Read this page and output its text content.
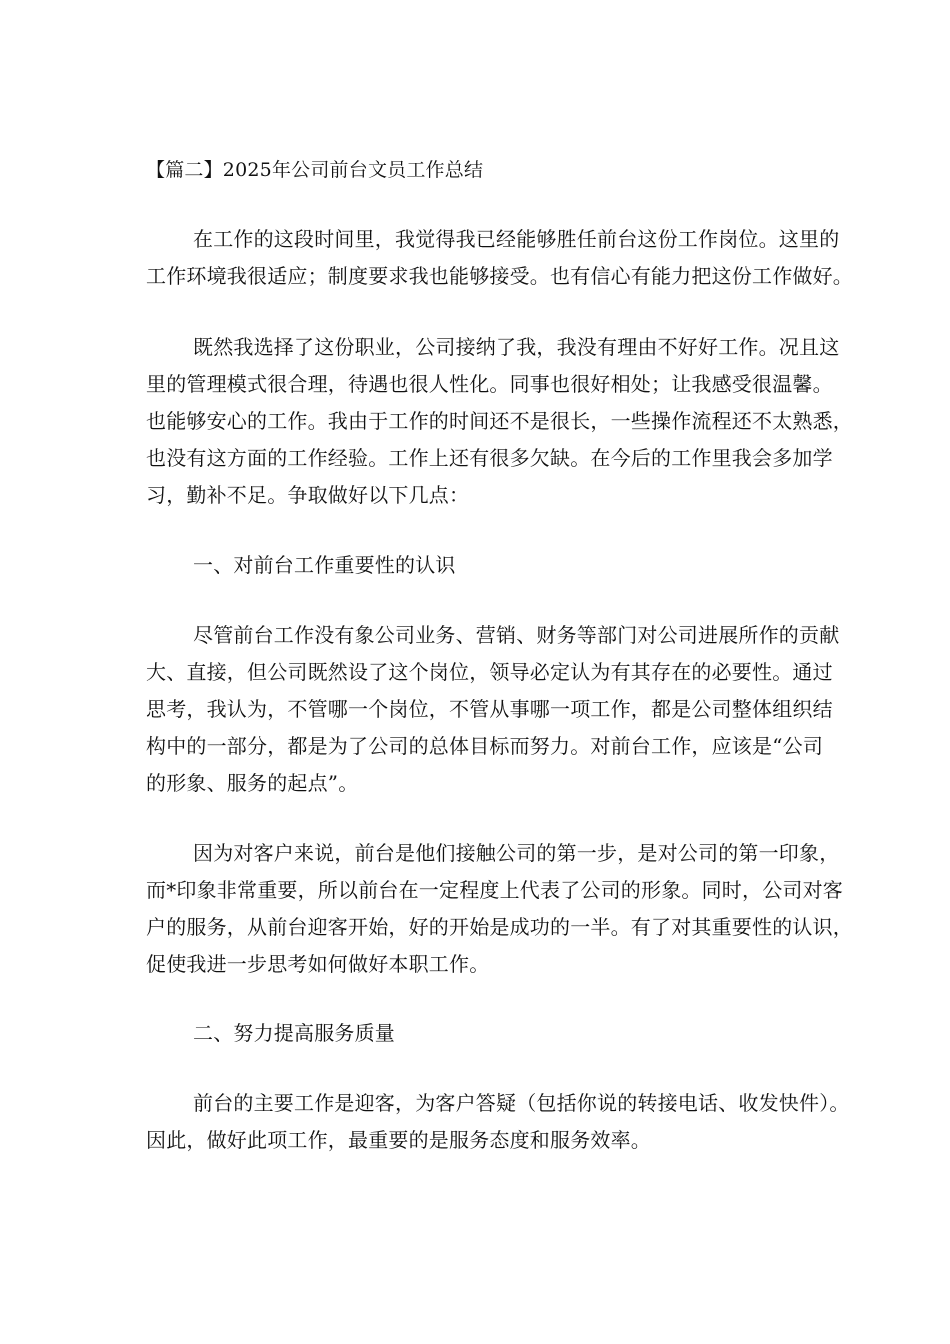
【篇二】2025年公司前台文员工作总结
在工作的这段时间里，我觉得我已经能够胜任前台这份工作岗位。这里的
工作环境我很适应；制度要求我也能够接受。也有信心有能力把这份工作做好。
既然我选择了这份职业，公司接纳了我，我没有理由不好好工作。况且这
里的管理模式很合理，待遇也很人性化。同事也很好相处；让我感受很温馨。
也能够安心的工作。我由于工作的时间还不是很长，一些操作流程还不太熟悉，
也没有这方面的工作经验。工作上还有很多欠缺。在今后的工作里我会多加学
习，勤补不足。争取做好以下几点：
一、对前台工作重要性的认识
尽管前台工作没有象公司业务、营销、财务等部门对公司进展所作的贡献
大、直接，但公司既然设了这个岗位，领导必定认为有其存在的必要性。通过
思考，我认为，不管哪一个岗位，不管从事哪一项工作，都是公司整体组织结
构中的一部分，都是为了公司的总体目标而努力。对前台工作，应该是“公司
的形象、服务的起点”。
因为对客户来说，前台是他们接触公司的第一步，是对公司的第一印象，
而*印象非常重要，所以前台在一定程度上代表了公司的形象。同时，公司对客
户的服务，从前台迎客开始，好的开始是成功的一半。有了对其重要性的认识，
促使我进一步思考如何做好本职工作。
二、努力提高服务质量
前台的主要工作是迎客，为客户答疑（包括你说的转接电话、收发快件）。
因此，做好此项工作，最重要的是服务态度和服务效率。
